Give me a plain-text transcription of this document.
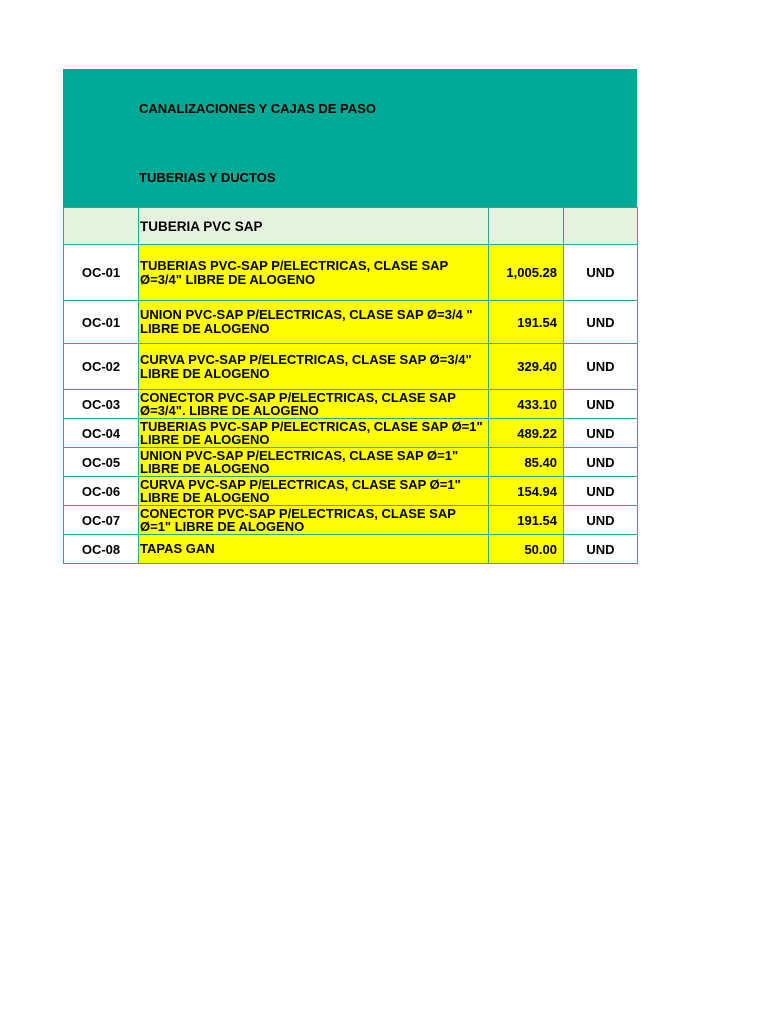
CANALIZACIONES Y CAJAS DE PASO
TUBERIAS Y DUCTOS
	TUBERIA PVC SAP		
OC-01	TUBERIAS PVC-SAP P/ELECTRICAS, CLASE SAP Ø=3/4" LIBRE DE ALOGENO	1,005.28	UND
OC-01	UNION PVC-SAP P/ELECTRICAS, CLASE SAP Ø=3/4 " LIBRE DE ALOGENO	191.54	UND
OC-02	CURVA PVC-SAP P/ELECTRICAS, CLASE SAP Ø=3/4" LIBRE DE ALOGENO	329.40	UND
OC-03	CONECTOR PVC-SAP P/ELECTRICAS, CLASE SAP Ø=3/4". LIBRE DE ALOGENO	433.10	UND
OC-04	TUBERIAS PVC-SAP P/ELECTRICAS, CLASE SAP Ø=1" LIBRE DE ALOGENO	489.22	UND
OC-05	UNION PVC-SAP P/ELECTRICAS, CLASE SAP Ø=1" LIBRE DE ALOGENO	85.40	UND
OC-06	CURVA PVC-SAP P/ELECTRICAS, CLASE SAP Ø=1" LIBRE DE ALOGENO	154.94	UND
OC-07	CONECTOR PVC-SAP P/ELECTRICAS, CLASE SAP Ø=1" LIBRE DE ALOGENO	191.54	UND
OC-08	TAPAS GAN	50.00	UND
